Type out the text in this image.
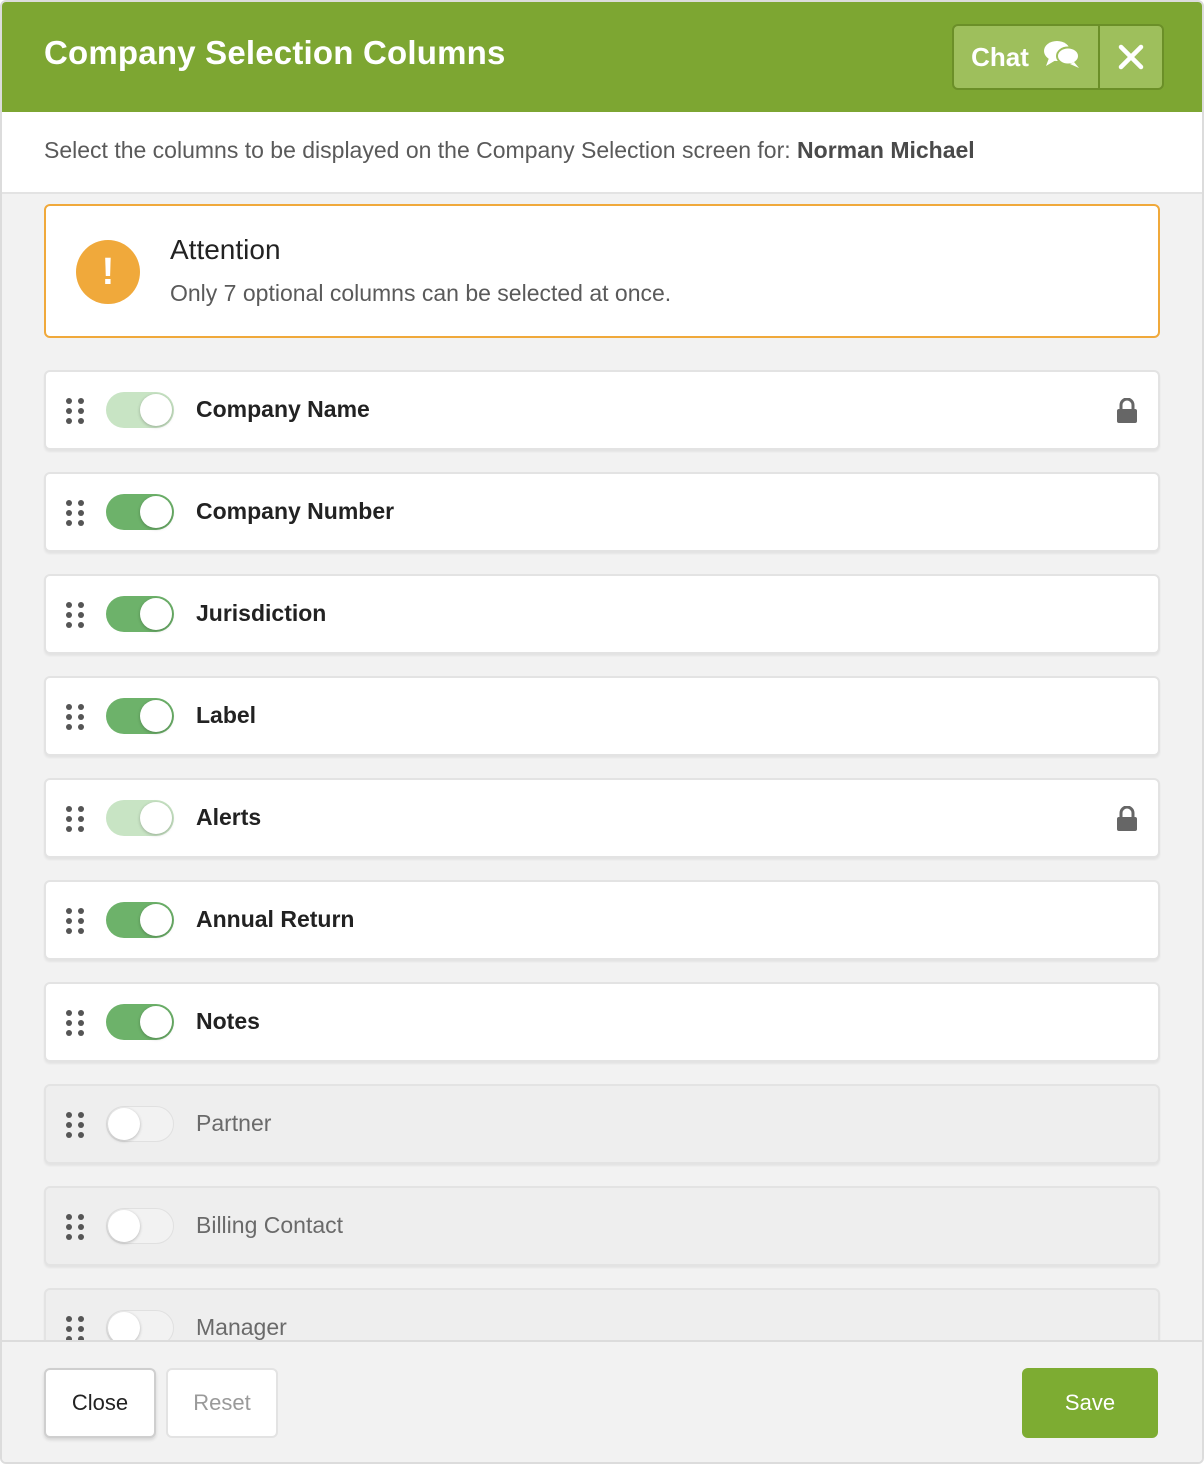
Company Selection Columns	Chat
Select the columns to be displayed on the Company Selection screen for: Norman Michael
!
Attention
Only 7 optional columns can be selected at once.
Company Name
Company Number
Jurisdiction
Label
Alerts
Annual Return
Notes
Partner
Billing Contact
Manager
Close	Reset	Save
